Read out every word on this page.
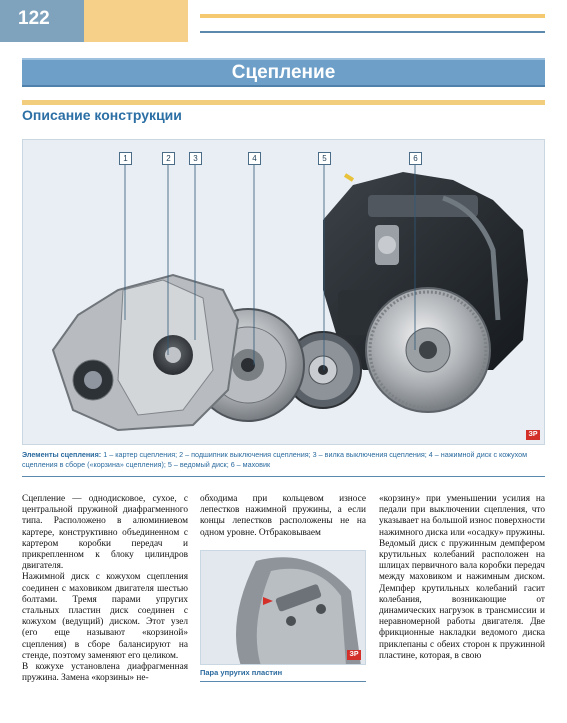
122
Сцепление
Описание конструкции
1	2	3	4	5	6
ЗР
Элементы сцепления: 1 – картер сцепления; 2 – подшипник выключения сцепления; 3 – вилка выключения сцепления; 4 – нажимной диск с кожухом сцепления в сборе («корзина» сцепления); 5 – ведомый диск; 6 – маховик

Сцепление — однодисковое, сухое, с центральной пружиной диафрагменного типа. Расположено в алюминиевом картере, конструктивно объединенном с картером коробки передач и прикрепленном к блоку цилиндров двигателя.

Нажимной диск с кожухом сцепления соединен с маховиком двигателя шестью болтами. Тремя парами упругих стальных пластин диск соединен с кожухом (ведущий) диском. Этот узел (его еще называют «корзиной» сцепления) в сборе балансируют на стенде, поэтому заменяют его целиком.

В кожухе установлена диафрагменная пружина. Замена «корзины» не-

обходима при кольцевом износе лепестков нажимной пружины, а если концы лепестков расположены не на одном уровне. Отбраковываем

ЗР
Пара упругих пластин

«корзину» при уменьшении усилия на педали при выключении сцепления, что указывает на большой износ поверхности нажимного диска или «осадку» пружины.

Ведомый диск с пружинным демпфером крутильных колебаний расположен на шлицах первичного вала коробки передач между маховиком и нажимным диском. Демпфер крутильных колебаний гасит колебания, возникающие от динамических нагрузок в трансмиссии и неравномерной работы двигателя. Две фрикционные накладки ведомого диска приклепаны с обеих сторон к пружинной пластине, которая, в свою
